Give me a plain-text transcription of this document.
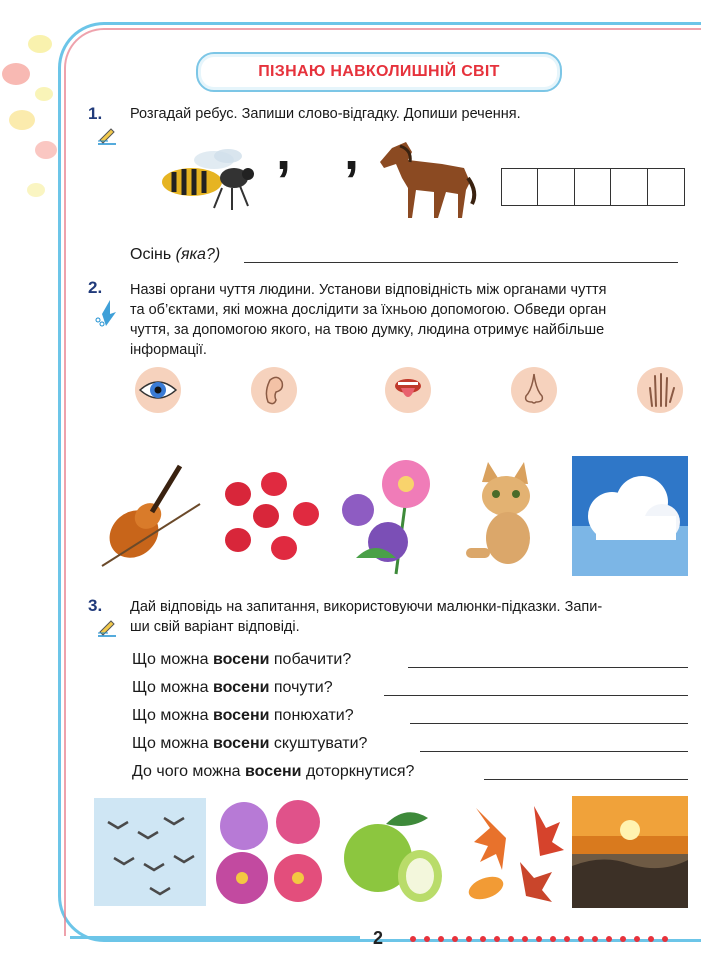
ПІЗНАЮ НАВКОЛИШНІЙ СВІТ
1. Розгадай ребус. Запиши слово-відгадку. Допиши речення.
, ,
Осінь (яка?)
2. Назві органи чуття людини. Установи відповідність між органами чуття
та об’єктами, які можна дослідити за їхньою допомогою. Обведи орган
чуття, за допомогою якого, на твою думку, людина отримує найбільше
інформації.
3. Дай відповідь на запитання, використовуючи малюнки-підказки. Запи-
ши свій варіант відповіді.
Що можна восени побачити?
Що можна восени почути?
Що можна восени понюхати?
Що можна восени скуштувати?
До чого можна восени доторкнутися?
2
